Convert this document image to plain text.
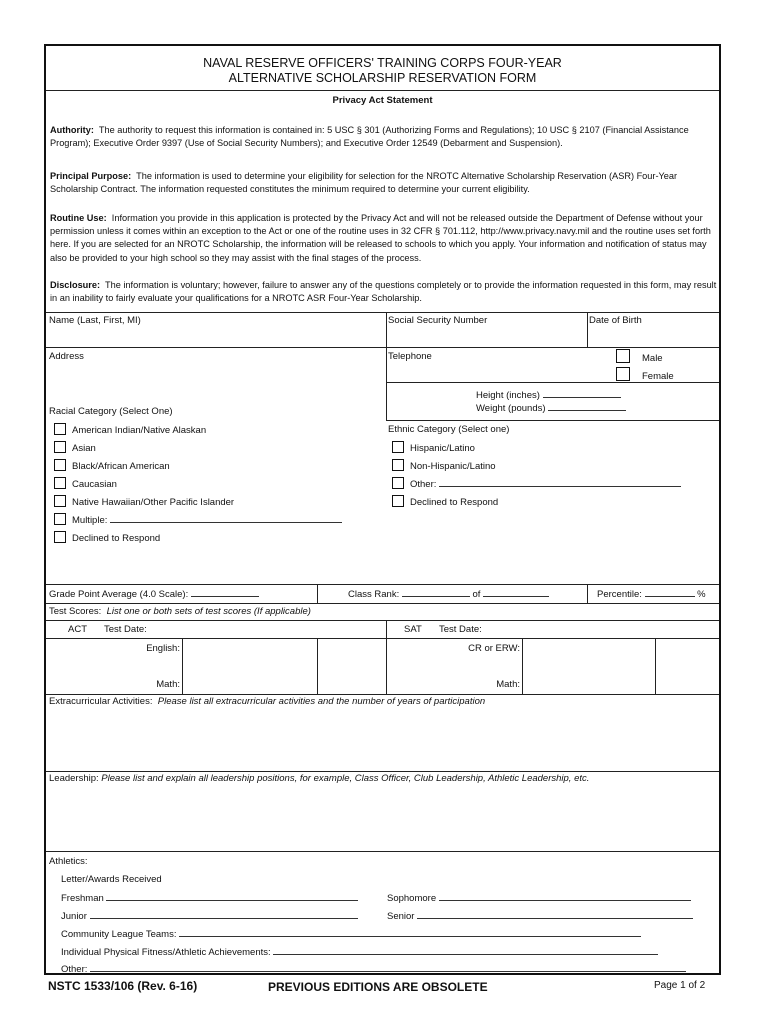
NAVAL RESERVE OFFICERS' TRAINING CORPS FOUR-YEAR
ALTERNATIVE SCHOLARSHIP RESERVATION FORM
Privacy Act Statement
Authority: The authority to request this information is contained in: 5 USC § 301 (Authorizing Forms and Regulations); 10 USC § 2107 (Financial Assistance Program); Executive Order 9397 (Use of Social Security Numbers); and Executive Order 12549 (Debarment and Suspension).
Principal Purpose: The information is used to determine your eligibility for selection for the NROTC Alternative Scholarship Reservation (ASR) Four-Year Scholarship Contract. The information requested constitutes the minimum required to determine your current eligibility.
Routine Use: Information you provide in this application is protected by the Privacy Act and will not be released outside the Department of Defense without your permission unless it comes within an exception to the Act or one of the routine uses in 32 CFR § 701.112, http://www.privacy.navy.mil and the routine uses set forth here. If you are selected for an NROTC Scholarship, the information will be released to schools to which you apply. Your information and notification of status may also be provided to your high school so they may assist with the final stages of the process.
Disclosure: The information is voluntary; however, failure to answer any of the questions completely or to provide the information requested in this form, may result in an inability to fairly evaluate your qualifications for a NROTC ASR Four-Year Scholarship.
Name (Last, First, MI)	Social Security Number	Date of Birth
Address	Telephone	Male
Female
Height (inches)
Weight (pounds)
Racial Category (Select One)
Ethnic Category (Select one)
American Indian/Native Alaskan
Asian
Black/African American
Caucasian
Native Hawaiian/Other Pacific Islander
Multiple:
Declined to Respond
Hispanic/Latino
Non-Hispanic/Latino
Other:
Declined to Respond
Grade Point Average (4.0 Scale):	Class Rank:	of	Percentile:	%
Test Scores: List one or both sets of test scores (If applicable)
ACT Test Date:	SAT Test Date:
English:
Math:
CR or ERW:
Math:
Extracurricular Activities: Please list all extracurricular activities and the number of years of participation
Leadership: Please list and explain all leadership positions, for example, Class Officer, Club Leadership, Athletic Leadership, etc.
Athletics:
Letter/Awards Received
Freshman	Sophomore
Junior	Senior
Community League Teams:
Individual Physical Fitness/Athletic Achievements:
Other:
NSTC 1533/106 (Rev. 6-16)	PREVIOUS EDITIONS ARE OBSOLETE	Page 1 of 2
